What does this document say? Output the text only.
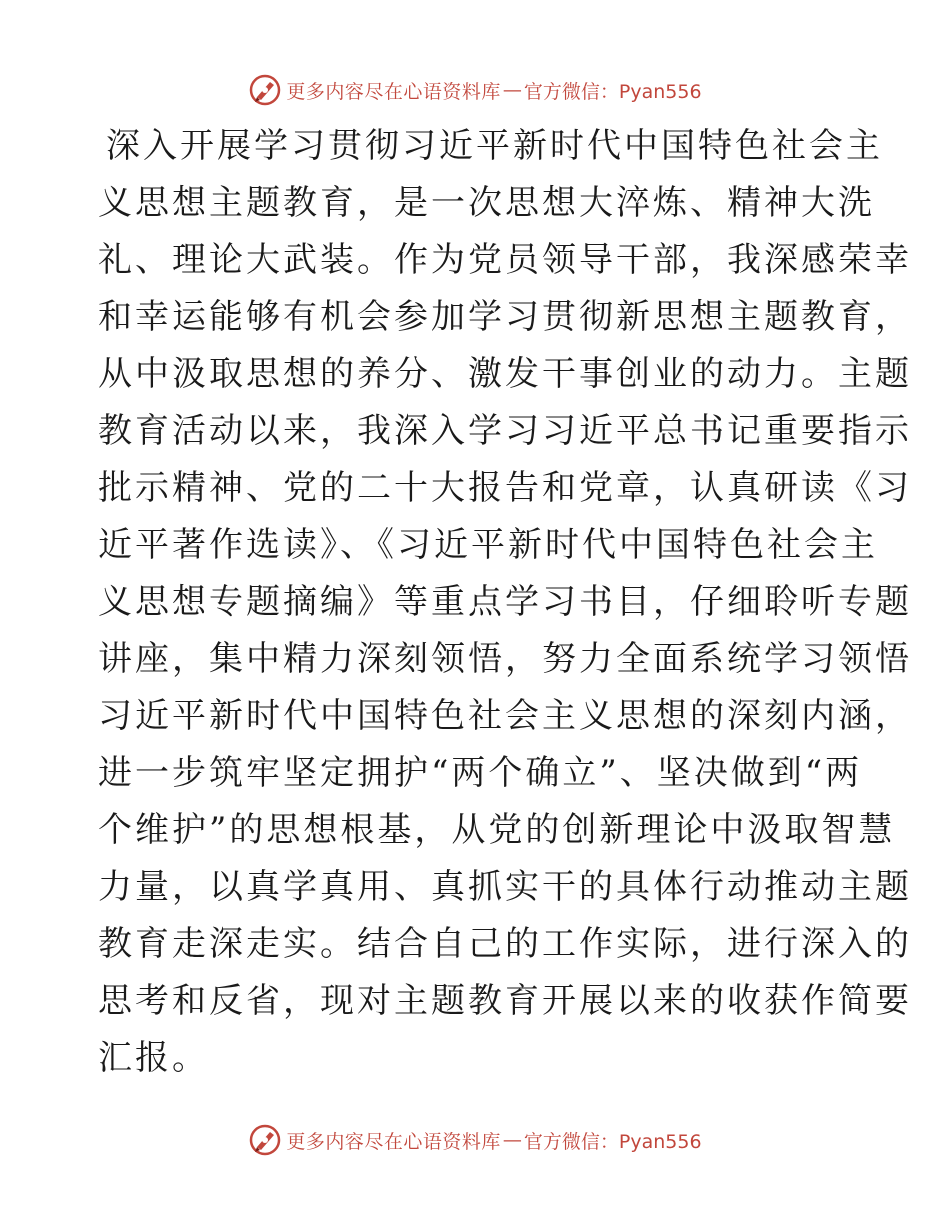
更多内容尽在心语资料库 — 官方微信：Pyan556
深入开展学习贯彻习近平新时代中国特色社会主
义思想主题教育，是一次思想大淬炼、精神大洗
礼、理论大武装。作为党员领导干部，我深感荣幸
和幸运能够有机会参加学习贯彻新思想主题教育，
从中汲取思想的养分、激发干事创业的动力。主题
教育活动以来，我深入学习习近平总书记重要指示
批示精神、党的二十大报告和党章，认真研读《习
近平著作选读》、《习近平新时代中国特色社会主
义思想专题摘编》等重点学习书目，仔细聆听专题
讲座，集中精力深刻领悟，努力全面系统学习领悟
习近平新时代中国特色社会主义思想的深刻内涵，
进一步筑牢坚定拥护“两个确立”、坚决做到“两
个维护”的思想根基，从党的创新理论中汲取智慧
力量，以真学真用、真抓实干的具体行动推动主题
教育走深走实。结合自己的工作实际，进行深入的
思考和反省，现对主题教育开展以来的收获作简要
汇报。
更多内容尽在心语资料库 — 官方微信：Pyan556
